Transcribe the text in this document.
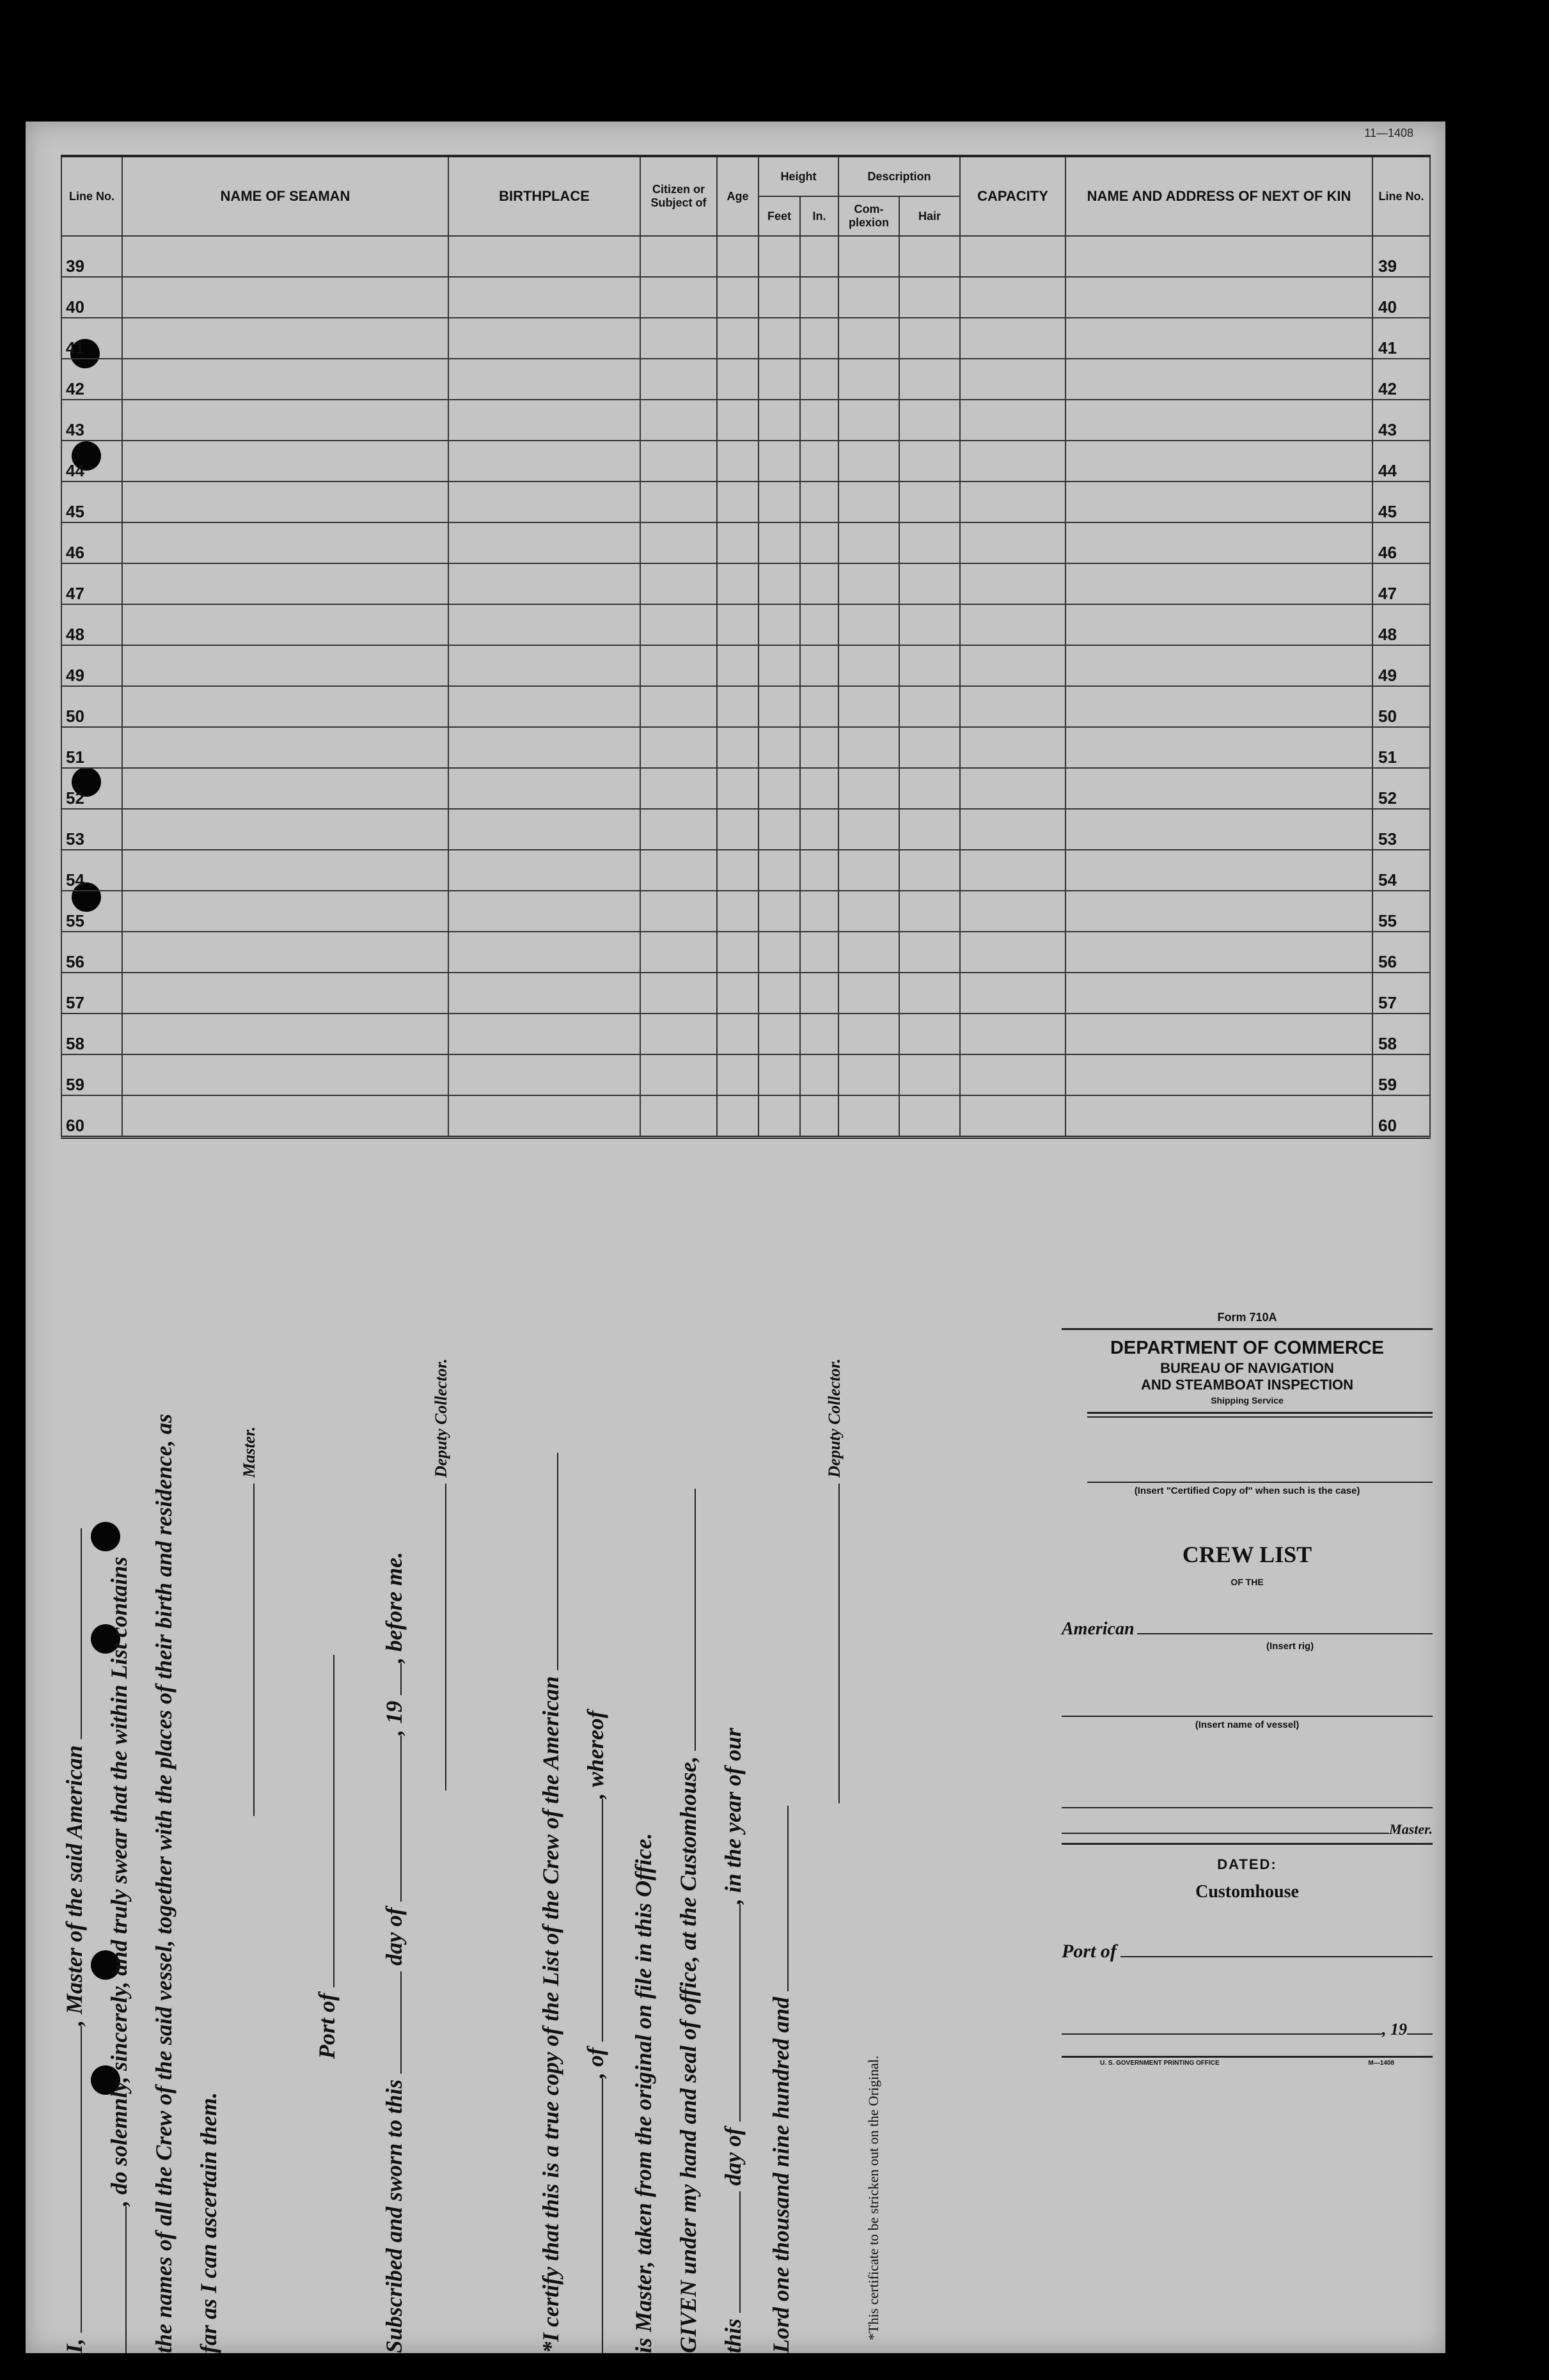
11—1408
Line No.	NAME OF SEAMAN	BIRTHPLACE	Citizen or Subject of	Age	Height		Description		CAPACITY	NAME AND ADDRESS OF NEXT OF KIN	Line No.
					Feet	In.	Com- plexion	Hair			
39											39
40											40
41											41
42											42
43											43
44											44
45											45
46											46
47											47
48											48
49											49
50											50
51											51
52											52
53											53
54											54
55											55
56											56
57											57
58											58
59											59
60											60
I, , Master of the said American , do solemnly, sincerely, and truly swear that the within List contains the names of all the Crew of the said vessel, together with the places of their birth and residence, as far as I can ascertain them.
Master.
Port of
Subscribed and sworn to this  day of , 19 , before me.
Deputy Collector.
*I certify that this is a true copy of the List of the Crew of the American , of , whereof
is Master, taken from the original on file in this Office. GIVEN under my hand and seal of office, at the Customhouse, this  day of , in the year of our
Lord one thousand nine hundred and
Deputy Collector.
*This certificate to be stricken out on the Original.
Form 710A
DEPARTMENT OF COMMERCE
BUREAU OF NAVIGATION
AND STEAMBOAT INSPECTION
Shipping Service
(Insert "Certified Copy of" when such is the case)
CREW LIST
OF THE
American
(Insert rig)
(Insert name of vessel)
Master.
DATED:
Customhouse
Port of
, 19
U. S. GOVERNMENT PRINTING OFFICE	M—1408
